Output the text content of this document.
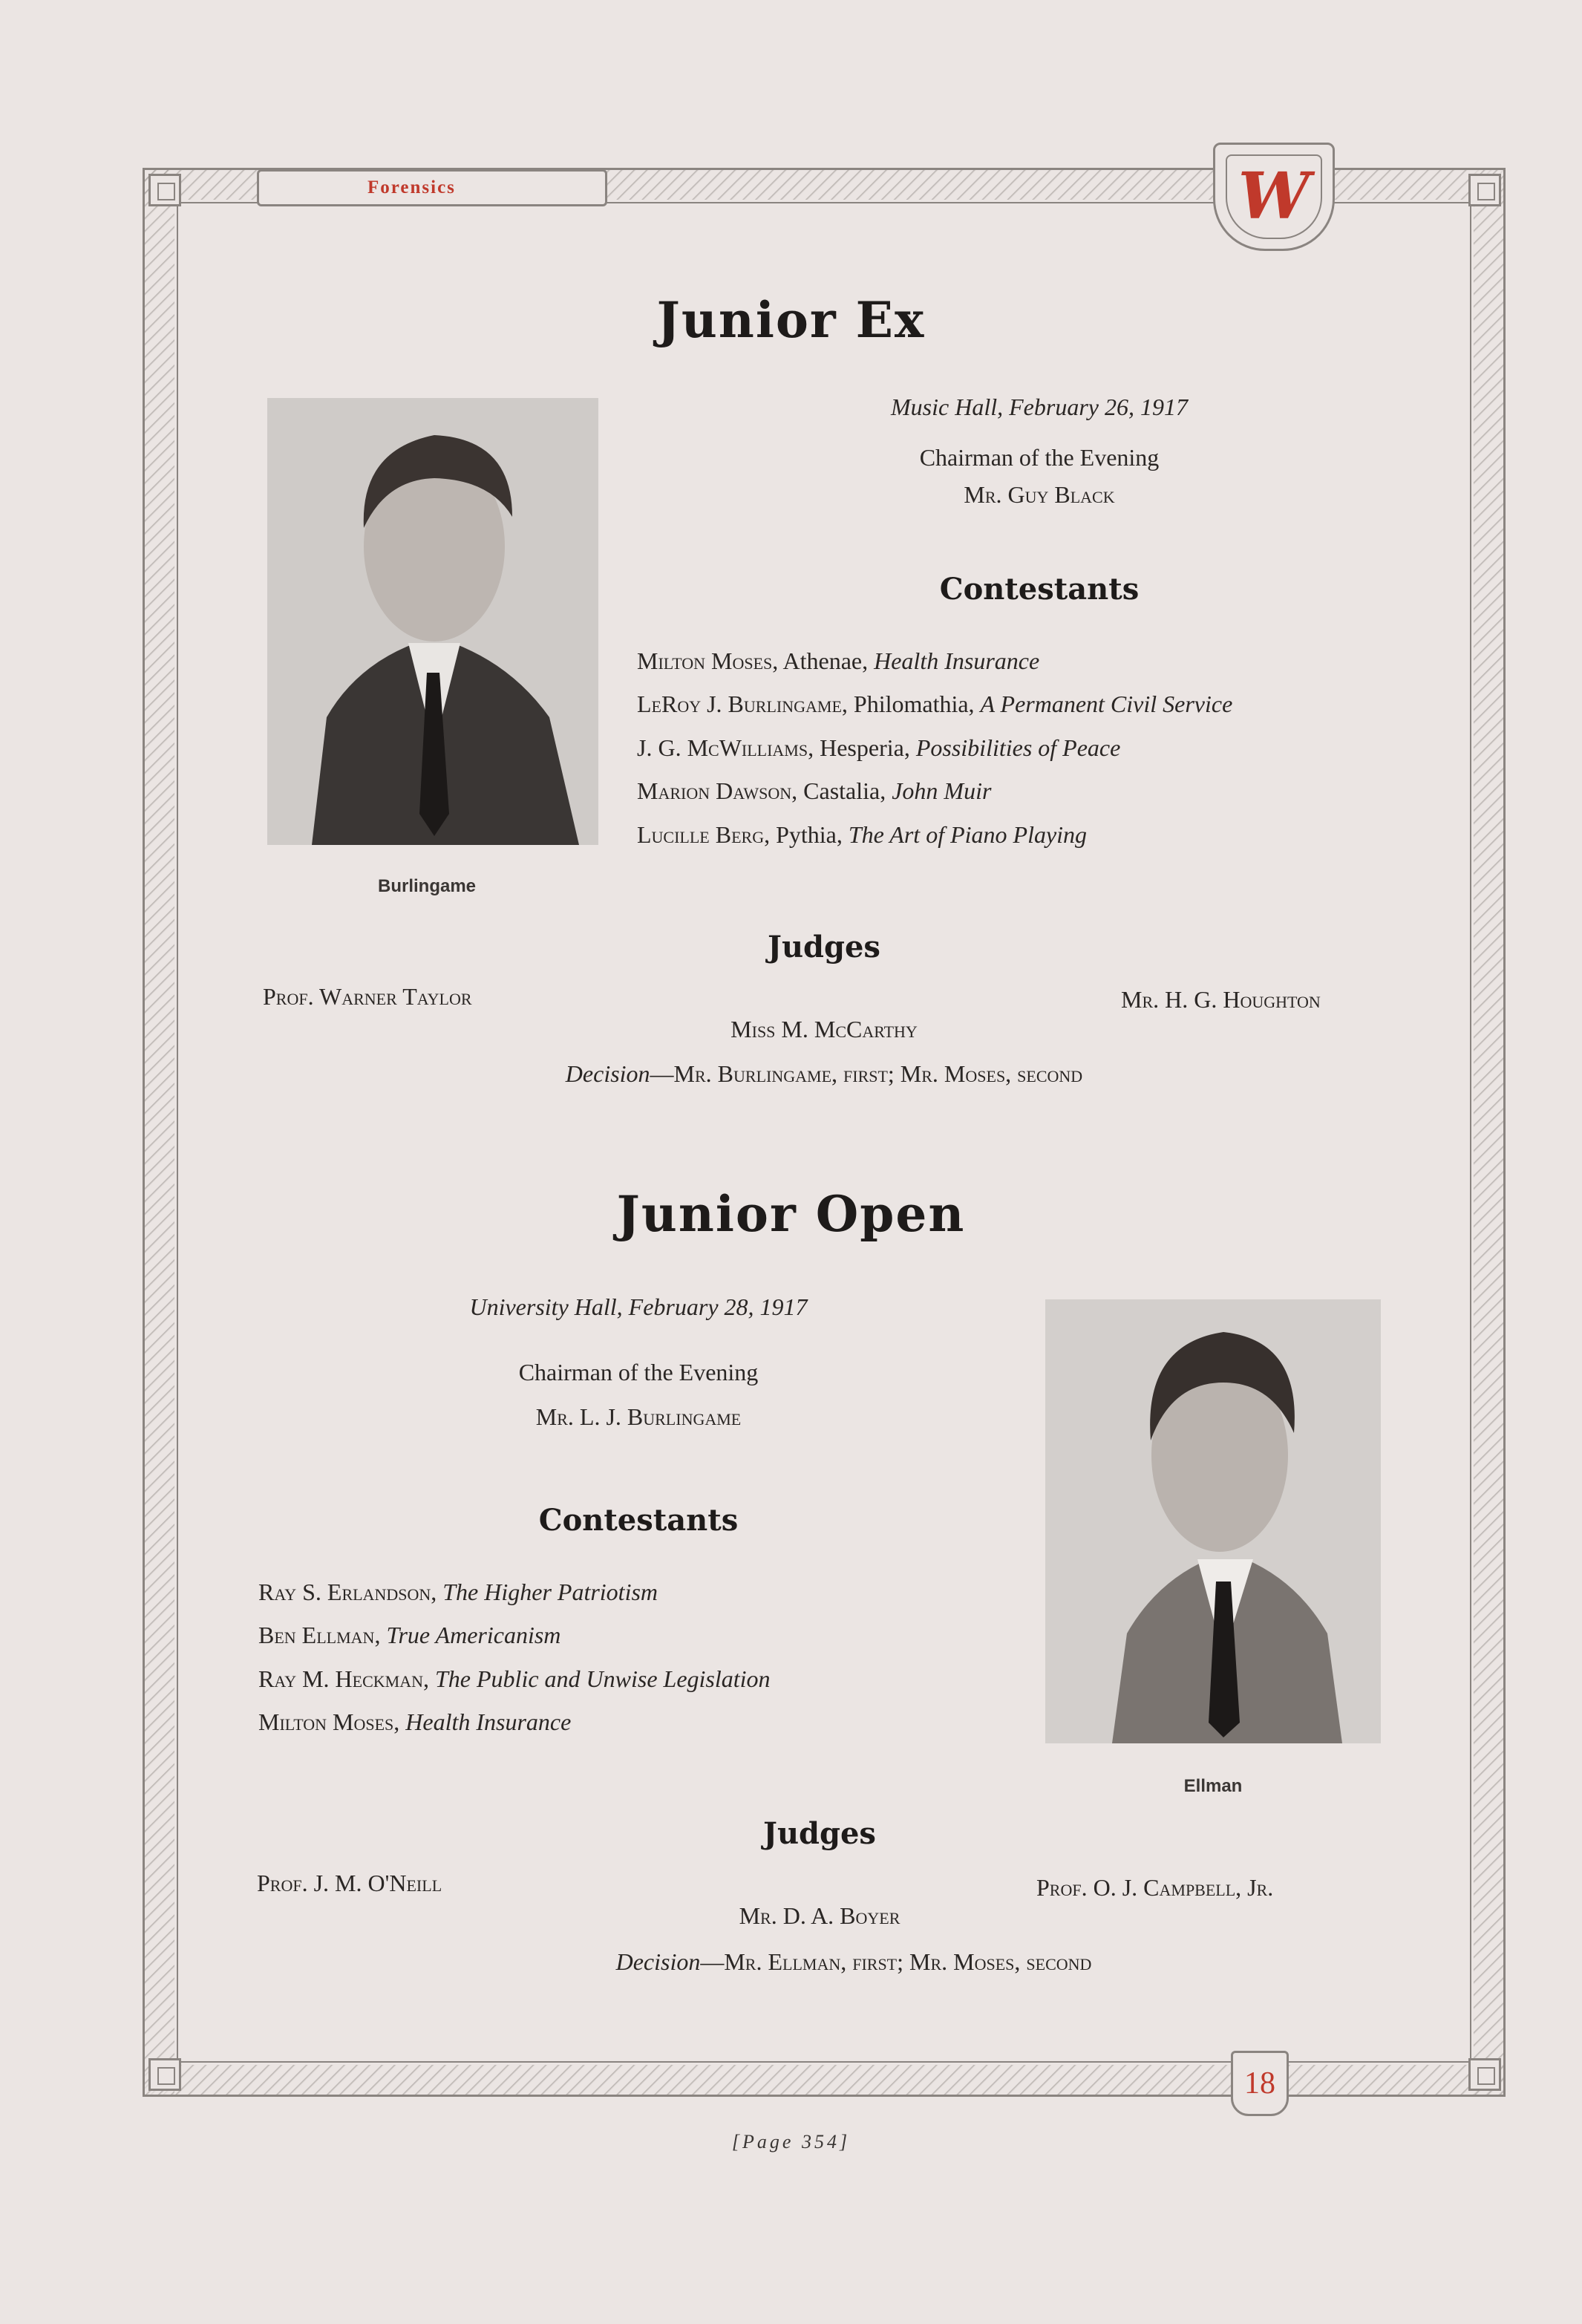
Forensics	W
18
Junior Ex
Burlingame
Music Hall, February 26, 1917
Chairman of the Evening
Mr. Guy Black
Contestants
Milton Moses, Athenae, Health Insurance
LeRoy J. Burlingame, Philomathia, A Permanent Civil Service
J. G. McWilliams, Hesperia, Possibilities of Peace
Marion Dawson, Castalia, John Muir
Lucille Berg, Pythia, The Art of Piano Playing
Judges
Prof. Warner Taylor	Mr. H. G. Houghton
Miss M. McCarthy
Decision—Mr. Burlingame, first; Mr. Moses, second
Junior Open
University Hall, February 28, 1917
Chairman of the Evening
Mr. L. J. Burlingame
Contestants
Ray S. Erlandson, The Higher Patriotism
Ben Ellman, True Americanism
Ray M. Heckman, The Public and Unwise Legislation
Milton Moses, Health Insurance
Ellman
Judges
Prof. J. M. O'Neill	Prof. O. J. Campbell, Jr.
Mr. D. A. Boyer
Decision—Mr. Ellman, first; Mr. Moses, second
[Page 354]
